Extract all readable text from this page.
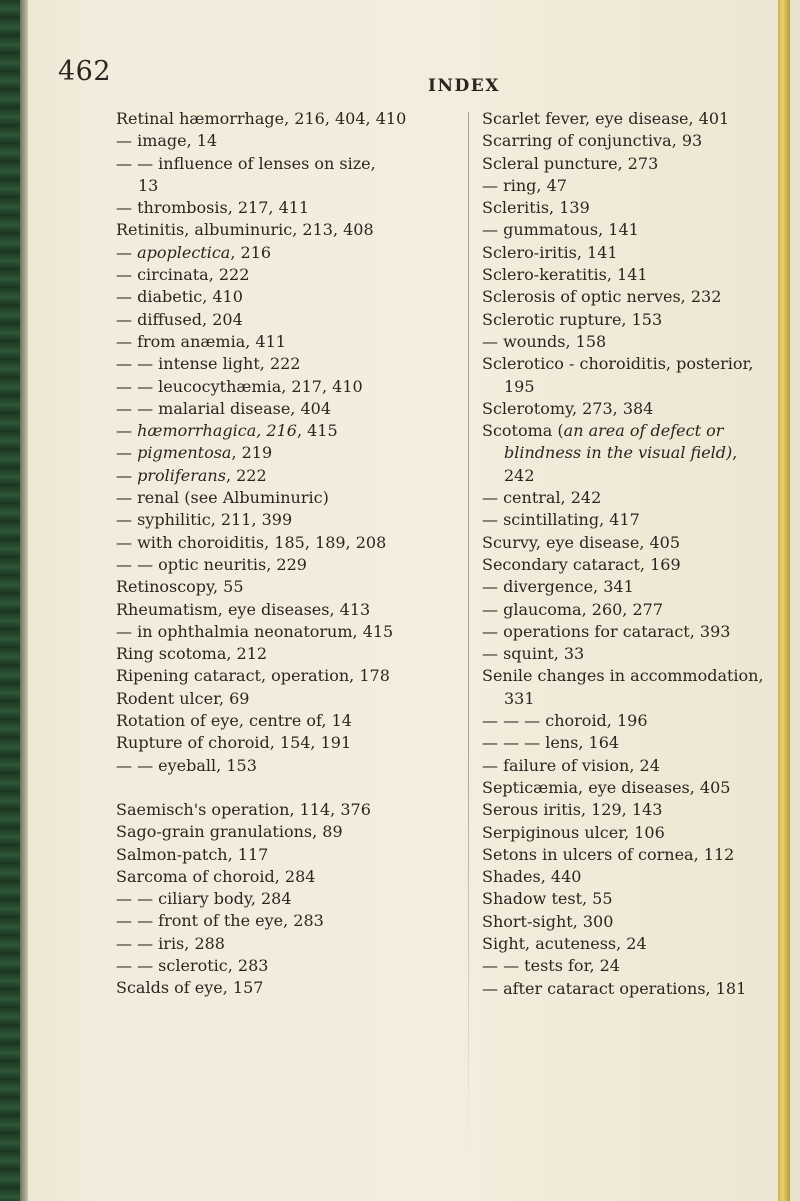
462	INDEX
Retinal hæmorrhage, 216, 404, 410
— image, 14
— — influence of lenses on size,
13
— thrombosis, 217, 411
Retinitis, albuminuric, 213, 408
— apoplectica, 216
— circinata, 222
— diabetic, 410
— diffused, 204
— from anæmia, 411
— — intense light, 222
— — leucocythæmia, 217, 410
— — malarial disease, 404
— hæmorrhagica, 216, 415
— pigmentosa, 219
— proliferans, 222
— renal (see Albuminuric)
— syphilitic, 211, 399
— with choroiditis, 185, 189, 208
— — optic neuritis, 229
Retinoscopy, 55
Rheumatism, eye diseases, 413
— in ophthalmia neonatorum, 415
Ring scotoma, 212
Ripening cataract, operation, 178
Rodent ulcer, 69
Rotation of eye, centre of, 14
Rupture of choroid, 154, 191
— — eyeball, 153
Saemisch's operation, 114, 376
Sago-grain granulations, 89
Salmon-patch, 117
Sarcoma of choroid, 284
— — ciliary body, 284
— — front of the eye, 283
— — iris, 288
— — sclerotic, 283
Scalds of eye, 157
Scarlet fever, eye disease, 401
Scarring of conjunctiva, 93
Scleral puncture, 273
— ring, 47
Scleritis, 139
— gummatous, 141
Sclero-iritis, 141
Sclero-keratitis, 141
Sclerosis of optic nerves, 232
Sclerotic rupture, 153
— wounds, 158
Sclerotico - choroiditis, posterior,
195
Sclerotomy, 273, 384
Scotoma (an area of defect or
blindness in the visual field),
242
— central, 242
— scintillating, 417
Scurvy, eye disease, 405
Secondary cataract, 169
— divergence, 341
— glaucoma, 260, 277
— operations for cataract, 393
— squint, 33
Senile changes in accommodation,
331
— — — choroid, 196
— — — lens, 164
— failure of vision, 24
Septicæmia, eye diseases, 405
Serous iritis, 129, 143
Serpiginous ulcer, 106
Setons in ulcers of cornea, 112
Shades, 440
Shadow test, 55
Short-sight, 300
Sight, acuteness, 24
— — tests for, 24
— after cataract operations, 181
